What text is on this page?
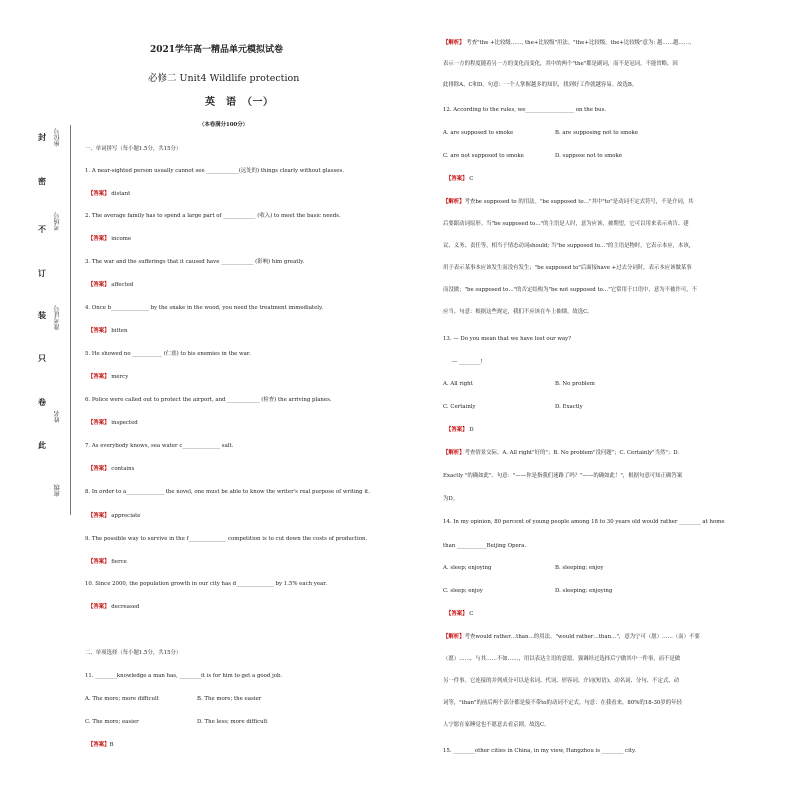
封
密
不
订
装
只
卷
此
座位号
考场号
准考证号
姓名
班级
2021学年高一精品单元模拟试卷
必修二 Unit4 Wildlife protection
英　语　（一）
（本卷满分100分）
一、单词拼写（每小题1.5分，共15分）
1. A near-sighted person usually cannot see ____________(远处的) things clearly without glasses.
【答案】 distant
2. The average family has to spend a large part of ____________ (收入) to meet the basic needs.
【答案】 income
3. The war and the sufferings that it caused have ____________ (影响) him greatly.
【答案】 affected
4. Once b______________ by the snake in the wood, you need the treatment immediately.
【答案】 bitten
5. He showed no ___________ (仁慈) to his enemies in the war.
【答案】 mercy
6. Police were called out to protect the airport, and ____________ (检查) the arriving planes.
【答案】 inspected
7. As everybody knows, sea water c______________ salt.
【答案】 contains
8. In order to a______________ the novel, one must be able to know the writer's real purpose of writing it.
【答案】 appreciate
9. The possible way to survive in the f______________ competition is to cut down the costs of production.
【答案】 fierce
10. Since 2000, the population growth in our city has d______________ by 1.5% each year.
【答案】 decreased
二、单项选择（每小题1.5分，共15分）
11. ________knowledge a man has, ________it is for him to get a good job.
A. The more; more difficult	B. The more; the easier
C. The more; easier	D. The less; more difficult
【答案】B
【解析】 考查"the +比较级……, the+比较级"用法。"the+比较级，the+比较级"意为: 越……越……，
表示一方的程度随着另一方的变化而变化，其中的两个"the"都是副词，而不是冠词，不能省略，因
此排除A、C和D。句意：一个人掌握越多的知识，找到好工作就越容易。故选B。
12. According to the rules, we__________________ on the bus.
A. are supposed to smoke	B. are supposing not to smoke
C. are not supposed to smoke	D. suppose not to smoke
【答案】 C
【解析】考查be supposed to 的用法。"be supposed to…"其中"to"是动词不定式符号，不是介词，其
后要跟动词原形。当"be supposed to…"的主语是人时，意为应该，被期望，它可以用来表示劝告、建
议、义务、责任等，相当于情态动词should; 当"be supposed to…"的主语是物时，它表示本应，本该，
用于表示某事本应该发生而没有发生；"be supposed to"后面接have +过去分词时，表示本应该做某事
而没做；"be supposed to…"的否定结构为"be not supposed to…"它常用于口语中，意为不被许可，不
应当。句意：根据这些规定，我们不应该在车上抽烟。故选C。
13. — Do you mean that we have lost our way?
— ________!
A. All right	B. No problem
C. Certainly	D. Exactly
【答案】 D
【解析】考查情景交际。A. All right"好的"；B. No problem"没问题"；C. Certainly"当然"；D.
Exactly "的确如此"。句意："——你是指我们迷路了吗？"——的确如此！"，根据句意可知正确答案
为D。
14. In my opinion, 80 percent of young people among 18 to 30 years old would rather ________ at home
than ___________Beijing Opera.
A. sleep; enjoying	B. sleeping; enjoy
C. sleep; enjoy	D. sleeping; enjoying
【答案】 C
【解析】考查would rather…than…的用法。"would rather…than…"，意为宁可（愿）……（而）不要
（愿）……，与其……不如……，用以表达主语的意愿，强调经过选择后宁做其中一件事，而不是做
另一件事。它连接的并列成分可以是名词、代词、形容词、介词(短语)、动名词、分句、不定式、动
词等，"than"的前后两个部分都是接不带to的动词不定式。句意：在我看来，80%的18-30岁的年轻
人宁愿在家睡觉也不愿意去看京剧。故选C。
15. ________other cities in China, in my view, Hangzhou is ________ city.
